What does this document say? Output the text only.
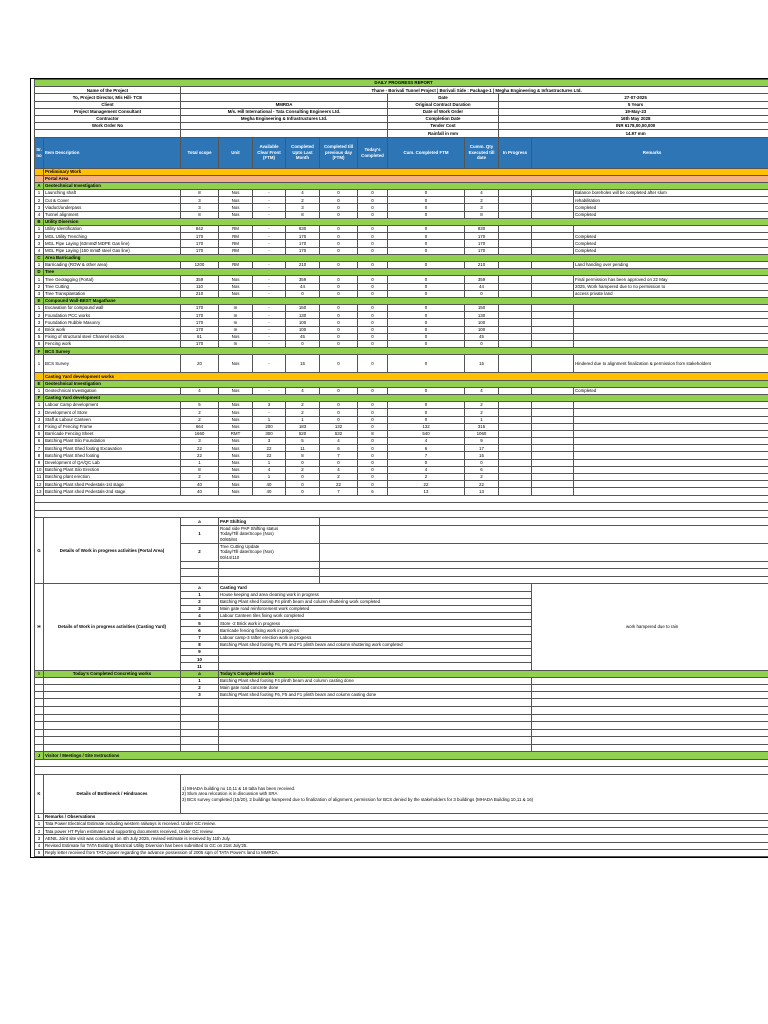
DAILY PROGRESS REPORT												
Name of the Project		Thane - Borivali Tunnel Project | Borivali Side : Package-1 | Megha Engineering & Infrastructures Ltd.										
To, Project Director, M/s Hill- TCE								Date		27-07-2025		
Client		MMRDA						Original Contract Duration		5 Years		
Project Management Consultant		M/s. Hill International - Tata Consulting Engineers Ltd.						Date of Work Order		19-May-23		
Contractor		Megha Engineering & Infrastructures Ltd.						Completion Date		16th May 2028		
Work Order No								Tender Cost		INR 6178,00,00,000		
								Rainfall in mm		14.97 mm		
Sr. no	Item Description	Total scope	Unit	Available Clear Front (FTM)	Completed Upto Last Month	Completed till previous day (FTM)	Today's Completed	Cum. Completed FTM	Cumm. Qty Executed till date	In Progress	Remarks	
	Preliminary Work											
	Portal Area											
A	Geotechnical Investigation											
1	Launching shaft	8	Nos	-	4	0	0	0	4			Balance boreholes will be completed after slum
2	Cut & Cover	3	Nos	-	2	0	0	0	2			rehabilitation
3	Viaduct/underpass	3	Nos	-	3	0	0	0	3			Completed
4	Tunnel alignment	8	Nos	-	8	0	0	0	8			Completed
B	Utility Diversion											
1	Utility Identification	842	RM	-	830	0	0	0	830			
2	MGL Utility Trenching	170	RM	-	170	0	0	0	170			Completed
3	MGL Pipe Laying (63mmØ MDPE Gas line)	170	RM	-	170	0	0	0	170			Completed
4	MGL Pipe Laying (150 mmØ steel Gas line)	170	RM	-	170	0	0	0	170			Completed
C	Area Barricading											
1	Barricading (ROW & other area)	1200	RM	-	210	0	0	0	210			Land handing over pending
D	Tree											
1	Tree Geotagging (Portal)	359	Nos	-	359	0	0	0	359			Final permission has been approved on 22 May
2	Tree Cutting	110	Nos	-	44	0	0	0	44			2025, Work hampered due to no permission to
3	Tree Transplantation	210	Nos	-	0	0	0	0	0			access private land
E	Compound Wall-BEST Magathane											
1	Excavation for compound wall	170	m	-	150	0	0	0	150			
2	Foundation PCC works	170	m	-	130	0	0	0	130			
3	Foundation Rubble Masonry	170	m	-	100	0	0	0	100			
4	Brick work	170	m	-	100	0	0	0	100			
5	Fixing of structural steel Channel section	61	Nos	-	45	0	0	0	45			
6	Fencing work	170	m	-	0	0	0	0	0			
F	BCS Survey											
1	BCS Survey	20	Nos	-	15	0	0	0	15			Hindered due to alignment finalization & permission from stakeholders
	Casting Yard development works											
E	Geotechnical Investigation											
1	Geotechnical Investigation	4	Nos	-	4	0	0	0	4			Completed
F	Casting Yard development											
1	Labour Camp development	5	Nos	3	2	0	0	0	2			
2	Development of Store	2	Nos	-	2	0	0	0	2			
3	Staff & Labour Canteen	2	Nos	1	1	0	0	0	1			
4	Fixing of Fencing Frame	664	Nos	200	183	132	0	132	315			
5	Barricade Fencing Sheet	1660	RMT	300	520	532	8	540	1060			
6	Batching Plant Silo Foundation	3	Nos	3	5	4	0	4	9			
7	Batching Plant Shed footing Excavation	22	Nos	22	11	6	0	6	17			
8	Batching Plant Shed footing	22	Nos	22	8	7	0	7	15			
9	Development of QA/QC Lab	1	Nos	1	0	0	0	0	0			
10	Batching Plant Silo Erection	8	Nos	4	2	4	0	4	6			
11	Batching plant erection	2	Nos	1	0	2	0	2	2			
12	Batching Plant shed Pedestals-1st stage	40	Nos	40	0	22	0	22	22			
13	Batching Plant shed Pedestals-2nd stage	40	Nos	40	0	7	6	13	13			

G	Details of Work in progress activities (Portal Area)	a	PAP Shifting									
		1	Road side PAP Shifting status
Today/Till date/Scope (Nos)
00/65/84									

		2	Tree Cutting Update
Today/Till date/Scope (Nos)
00/44/110									

H	Details of Work in progress activities (Casting Yard)	a	Casting Yard								work hampered due to rain	
		1	House keeping and area cleaning work in progress									
		2	Batching Plant shed footing F4 plinth beam and column shuttering work completed									
		3	Main gate road reinforcement work completed									
		4	Labour Canteen tiles fixing work completed									
		5	Store -2 Brick work in progress									
		6	Barricade fencing fixing work in progress									
		7	Labour camp-3 rafter erection work in progress									
		8	Batching Plant shed footing F6, F5 and F1 plinth beam and column shuttering work completed									
		9										
		10										
		11										
I	Today's Completed Concreting works	a	Today's Completed works									
		1	Batching Plant shed footing F4 plinth beam and column casting done									
		2	Main gate road concrete done									
		3	Batching Plant shed footing F6, F5 and F1 plinth beam and column casting done									

J	Visitor / Meetings / Site Instructions											

K	Details of Bottleneck / Hindrances	1) MHADA building no 10,11 & 16 talta has been received.
2) Slum area relocation is in discussion with SRA
3) BCS survey completed (15/20), 2 buildings hampered due to finalization of alignment, permission for BCS denied by the stakeholders for 3 buildings (MHADA Building 10,11 & 16)										

L	Remarks / Observations											
1	Tata Power Electrical Estimate including western railways is received. Under GC review.											
2	Tata power HT Pylon estimates and supporting documents received, Under GC review.											
3	AENIL Joint site visit was conducted on 4th July 2025, revised estimate is received by 11th July.											
4	Revised Estimate for TATA Existing Electrical Utility Diversion has been submitted to GC on 21st July'25.											
5	Reply letter received from TATA power regarding the advance possession of 2005 sqm of TATA Power's land to MMRDA.											
